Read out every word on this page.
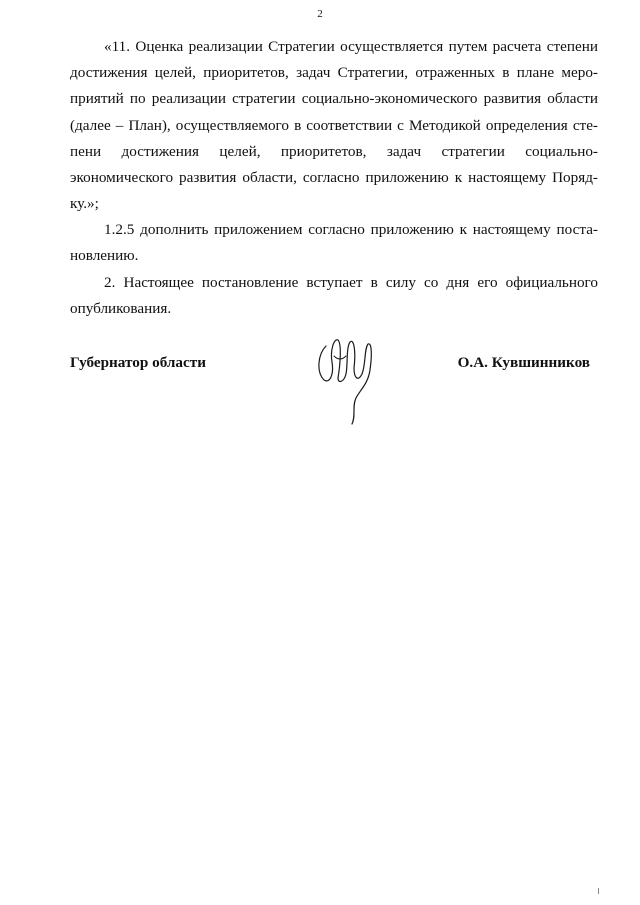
2
«11. Оценка реализации Стратегии осуществляется путем расчета степени
достижения целей, приоритетов, задач Стратегии, отраженных в плане меро-
приятий по реализации стратегии социально-экономического развития области
(далее – План), осуществляемого в соответствии с Методикой определения сте-
пени достижения целей, приоритетов, задач стратегии социально-
экономического развития области, согласно приложению к настоящему Поряд-
ку.»;
1.2.5 дополнить приложением согласно приложению к настоящему поста-
новлению.
2. Настоящее постановление вступает в силу со дня его официального
опубликования.
Губернатор области	О.А. Кувшинников
